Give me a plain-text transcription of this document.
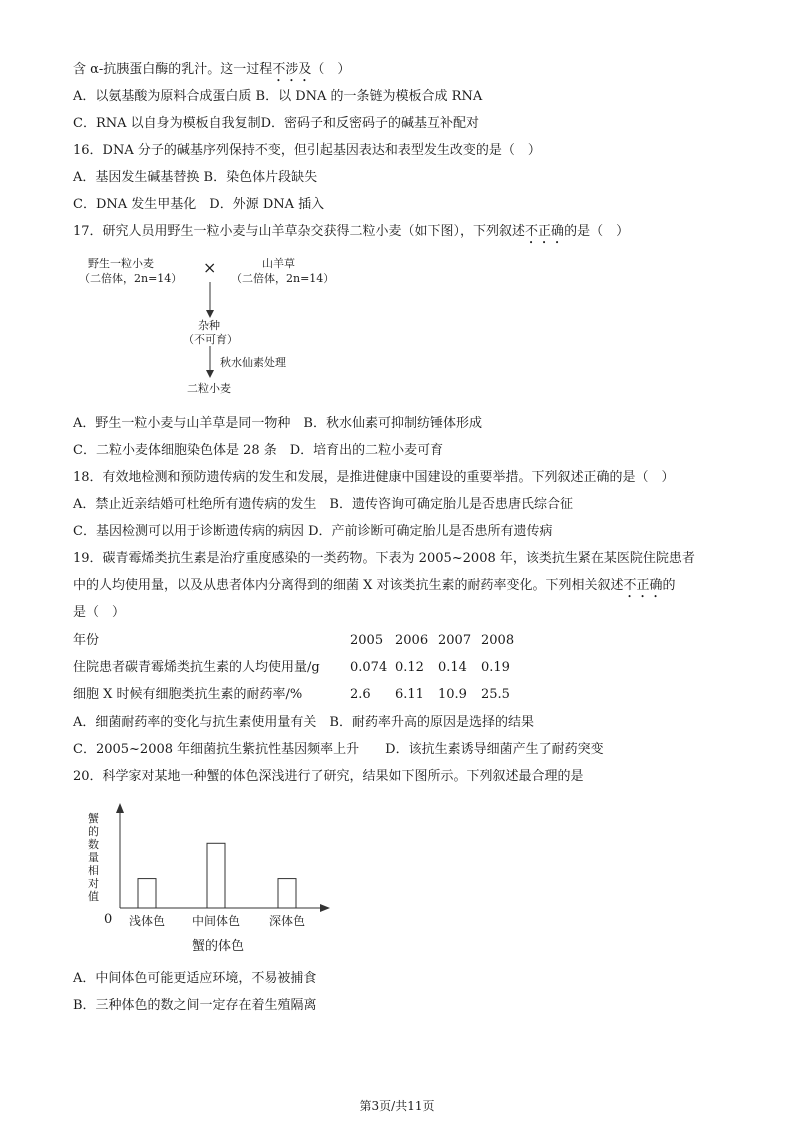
含 α-抗胰蛋白酶的乳汁。这一过程不涉及（　）
A．以氨基酸为原料合成蛋白质 B．以 DNA 的一条链为模板合成 RNA
C．RNA 以自身为模板自我复制D．密码子和反密码子的碱基互补配对
16．DNA 分子的碱基序列保持不变，但引起基因表达和表型发生改变的是（　）
A．基因发生碱基替换 B．染色体片段缺失
C．DNA 发生甲基化　D．外源 DNA 插入
17．研究人员用野生一粒小麦与山羊草杂交获得二粒小麦（如下图），下列叙述不正确的是（　）
野生一粒小麦
（二倍体，2n=14）
×	山羊草
（二倍体，2n=14）
杂种
（不可育）
秋水仙素处理
二粒小麦
A．野生一粒小麦与山羊草是同一物种　B．秋水仙素可抑制纺锤体形成
C．二粒小麦体细胞染色体是 28 条　D．培育出的二粒小麦可育
18．有效地检测和预防遗传病的发生和发展，是推进健康中国建设的重要举措。下列叙述正确的是（　）
A．禁止近亲结婚可杜绝所有遗传病的发生　B．遗传咨询可确定胎儿是否患唐氏综合征
C．基因检测可以用于诊断遗传病的病因 D．产前诊断可确定胎儿是否患所有遗传病
19．碳青霉烯类抗生素是治疗重度感染的一类药物。下表为 2005~2008 年，该类抗生紧在某医院住院患者
中的人均使用量，以及从患者体内分离得到的细菌 X 对该类抗生素的耐药率变化。下列相关叙述不正确的
是（　）
年份	2005 2006 2007 2008
住院患者碳青霉烯类抗生素的人均使用量/g 0.074 0.12 0.14 0.19
细胞 X 时候有细胞类抗生素的耐药率/%	2.6 6.11 10.9 25.5
A．细菌耐药率的变化与抗生素使用量有关　B．耐药率升高的原因是选择的结果
C．2005~2008 年细菌抗生紫抗性基因频率上升　　D．该抗生素诱导细菌产生了耐药突变
20．科学家对某地一种蟹的体色深浅进行了研究，结果如下图所示。下列叙述最合理的是
浅体色 中间体色 深体色
蟹的数量相对值
0
蟹的体色
A．中间体色可能更适应环境，不易被捕食
B．三种体色的数之间一定存在着生殖隔离
第3页/共11页
